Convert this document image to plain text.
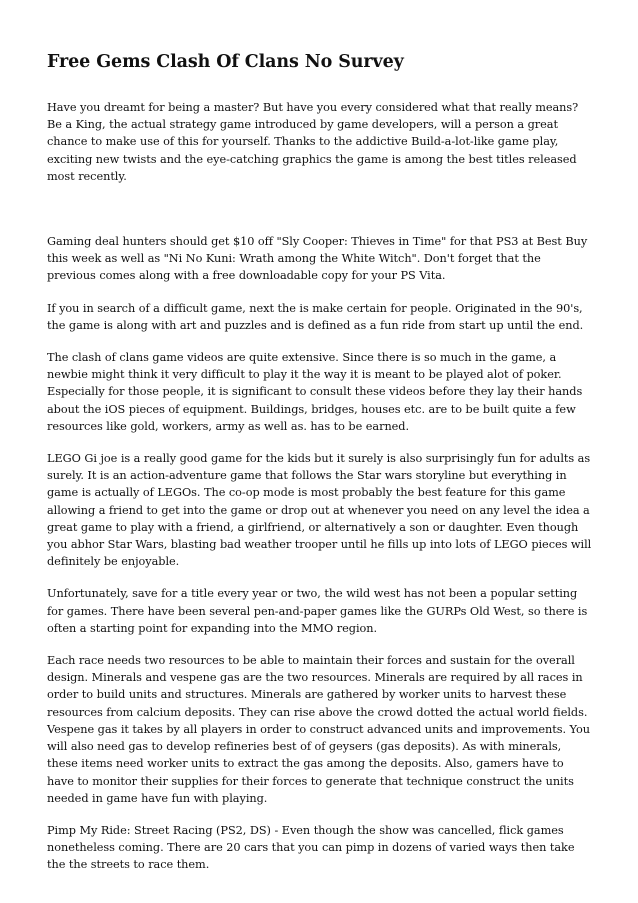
Free Gems Clash Of Clans No Survey

Have you dreamt for being a master? But have you every considered what that really means? Be a King, the actual strategy game introduced by game developers, will a person a great chance to make use of this for yourself. Thanks to the addictive Build-a-lot-like game play, exciting new twists and the eye-catching graphics the game is among the best titles released most recently.

Gaming deal hunters should get $10 off "Sly Cooper: Thieves in Time" for that PS3 at Best Buy this week as well as "Ni No Kuni: Wrath among the White Witch". Don't forget that the previous comes along with a free downloadable copy for your PS Vita.

If you in search of a difficult game, next the is make certain for people. Originated in the 90's, the game is along with art and puzzles and is defined as a fun ride from start up until the end.

The clash of clans game videos are quite extensive. Since there is so much in the game, a newbie might think it very difficult to play it the way it is meant to be played alot of poker. Especially for those people, it is significant to consult these videos before they lay their hands about the iOS pieces of equipment. Buildings, bridges, houses etc. are to be built quite a few resources like gold, workers, army as well as. has to be earned.

LEGO Gi joe is a really good game for the kids but it surely is also surprisingly fun for adults as surely. It is an action-adventure game that follows the Star wars storyline but everything in game is actually of LEGOs. The co-op mode is most probably the best feature for this game allowing a friend to get into the game or drop out at whenever you need on any level the idea a great game to play with a friend, a girlfriend, or alternatively a son or daughter. Even though you abhor Star Wars, blasting bad weather trooper until he fills up into lots of LEGO pieces will definitely be enjoyable.

Unfortunately, save for a title every year or two, the wild west has not been a popular setting for games. There have been several pen-and-paper games like the GURPs Old West, so there is often a starting point for expanding into the MMO region.

Each race needs two resources to be able to maintain their forces and sustain for the overall design. Minerals and vespene gas are the two resources. Minerals are required by all races in order to build units and structures. Minerals are gathered by worker units to harvest these resources from calcium deposits. They can rise above the crowd dotted the actual world fields. Vespene gas it takes by all players in order to construct advanced units and improvements. You will also need gas to develop refineries best of of geysers (gas deposits). As with minerals, these items need worker units to extract the gas among the deposits. Also, gamers have to have to monitor their supplies for their forces to generate that technique construct the units needed in game have fun with playing.

Pimp My Ride: Street Racing (PS2, DS) - Even though the show was cancelled, flick games nonetheless coming. There are 20 cars that you can pimp in dozens of varied ways then take the the streets to race them.
